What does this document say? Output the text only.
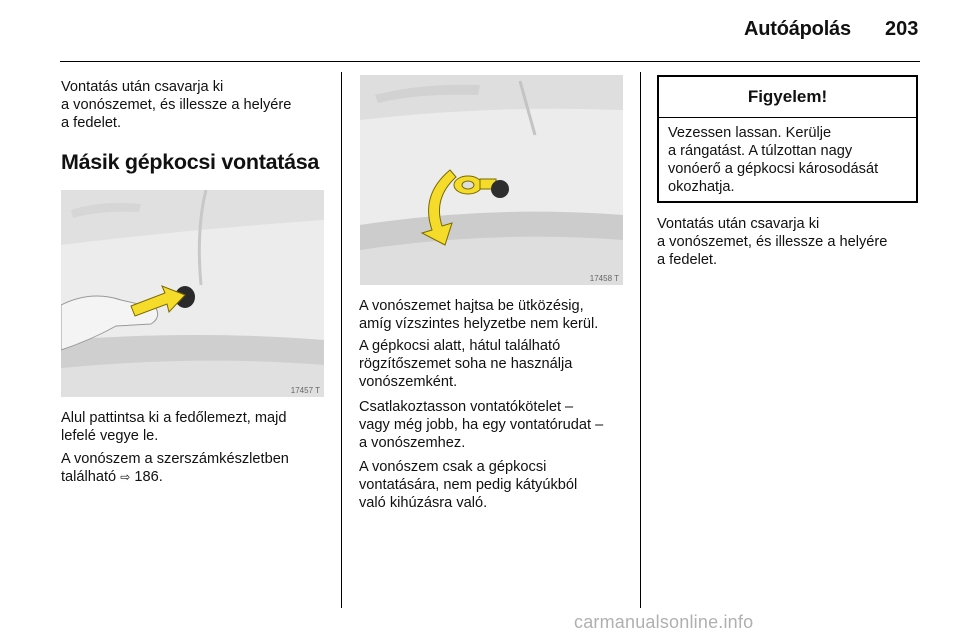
Autóápolás 203

Vontatás után csavarja ki
a vonószemet, és illessze a helyére
a fedelet.

Másik gépkocsi vontatása
17457 T

Alul pattintsa ki a fedőlemezt, majd
lefelé vegye le.

A vonószem a szerszámkészletben
található ⇨ 186.

17458 T

A vonószemet hajtsa be ütközésig,
amíg vízszintes helyzetbe nem kerül.

A gépkocsi alatt, hátul található
rögzítőszemet soha ne használja
vonószemként.

Csatlakoztasson vontatókötelet –
vagy még jobb, ha egy vontatórudat –
a vonószemhez.

A vonószem csak a gépkocsi
vontatására, nem pedig kátyúkból
való kihúzásra való.

Figyelem!
Vezessen lassan. Kerülje
a rángatást. A túlzottan nagy
vonóerő a gépkocsi károsodását
okozhatja.

Vontatás után csavarja ki
a vonószemet, és illessze a helyére
a fedelet.

carmanualsonline.info
